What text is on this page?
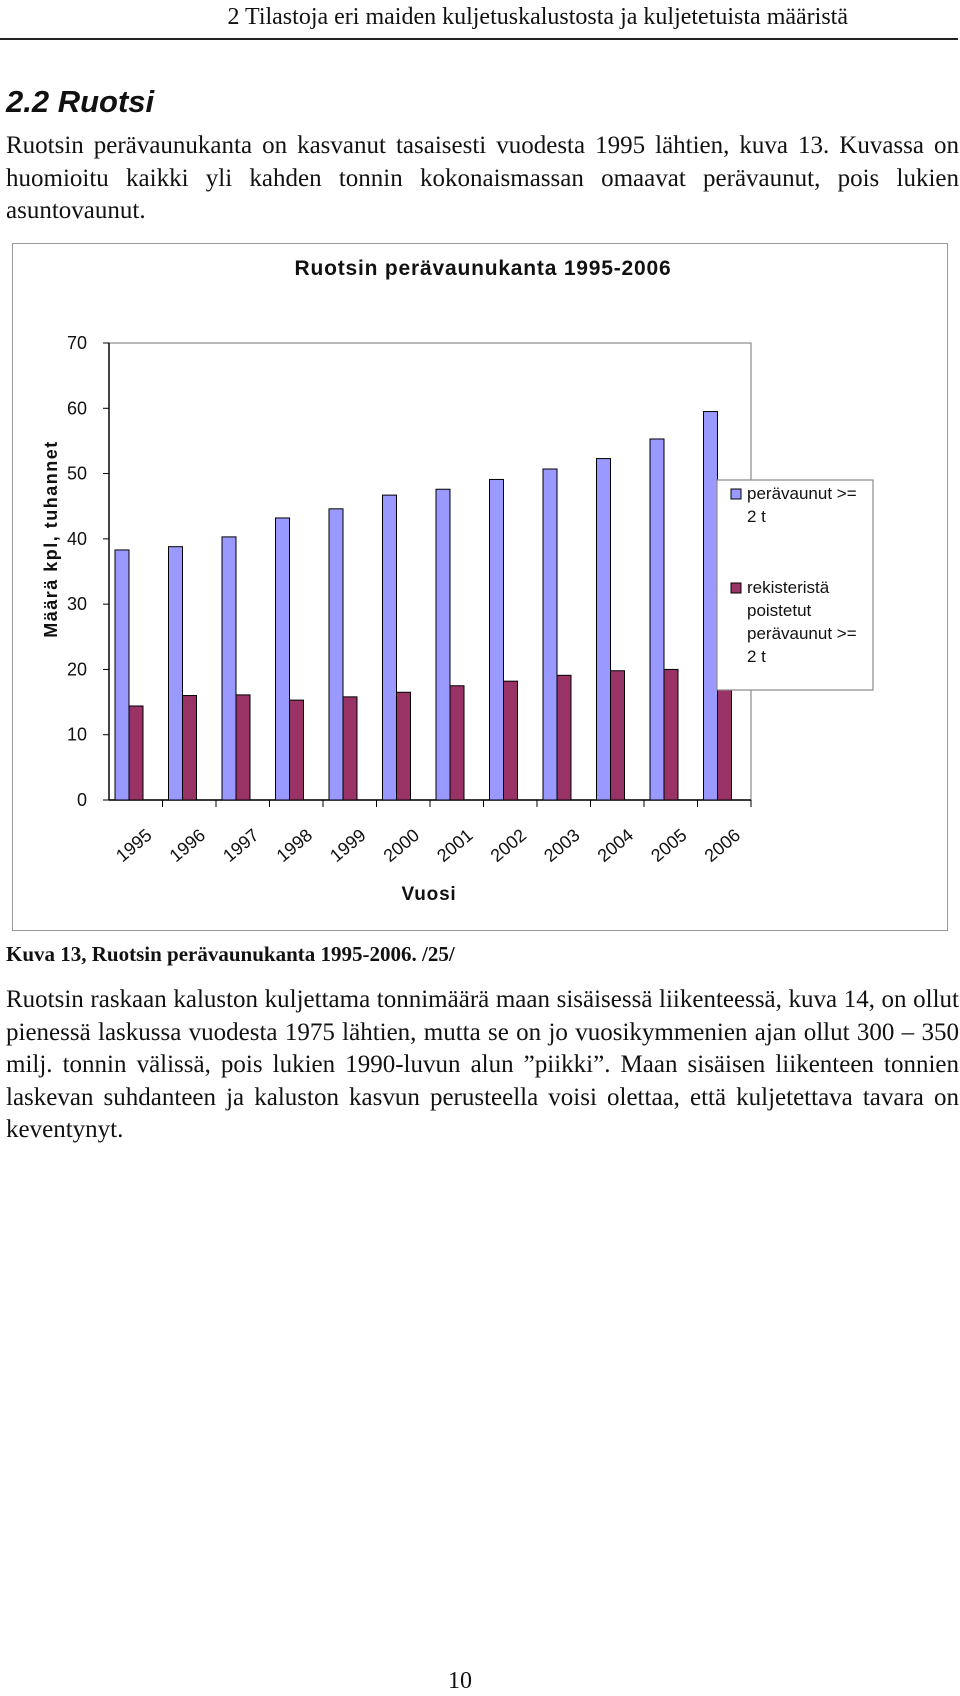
2 Tilastoja eri maiden kuljetuskalustosta ja kuljetetuista määristä
2.2 Ruotsi

Ruotsin perävaunukanta on kasvanut tasaisesti vuodesta 1995 lähtien, kuva 13. Kuvassa on huomioitu kaikki yli kahden tonnin kokonaismassan omaavat perävaunut, pois lukien asuntovaunut.

Ruotsin perävaunukanta 1995-2006
0
10
20
30
40
50
60
70
1995 1996 1997 1998 1999 2000 2001 2002 2003 2004 2005 2006
Määrä kpl, tuhannet
Vuosi
perävaunut >= 2 t
rekisteristä poistetut perävaunut >= 2 t

Kuva 13, Ruotsin perävaunukanta 1995-2006. /25/

Ruotsin raskaan kaluston kuljettama tonnimäärä maan sisäisessä liikenteessä, kuva 14, on ollut pienessä laskussa vuodesta 1975 lähtien, mutta se on jo vuosikymmenien ajan ollut 300 – 350 milj. tonnin välissä, pois lukien 1990-luvun alun ”piikki”. Maan sisäisen liikenteen tonnien laskevan suhdanteen ja kaluston kasvun perusteella voisi olettaa, että kuljetettava tavara on keventynyt.

10
